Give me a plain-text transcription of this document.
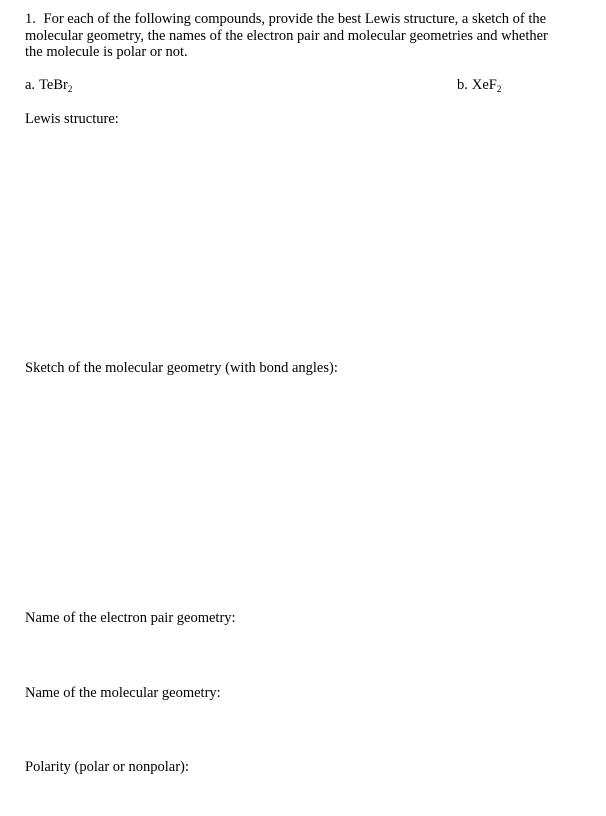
1. For each of the following compounds, provide the best Lewis structure, a sketch of the molecular geometry, the names of the electron pair and molecular geometries and whether the molecule is polar or not.
a. TeBr$_2$	b. XeF$_2$
Lewis structure:
Sketch of the molecular geometry (with bond angles):
Name of the electron pair geometry:
Name of the molecular geometry:
Polarity (polar or nonpolar):
